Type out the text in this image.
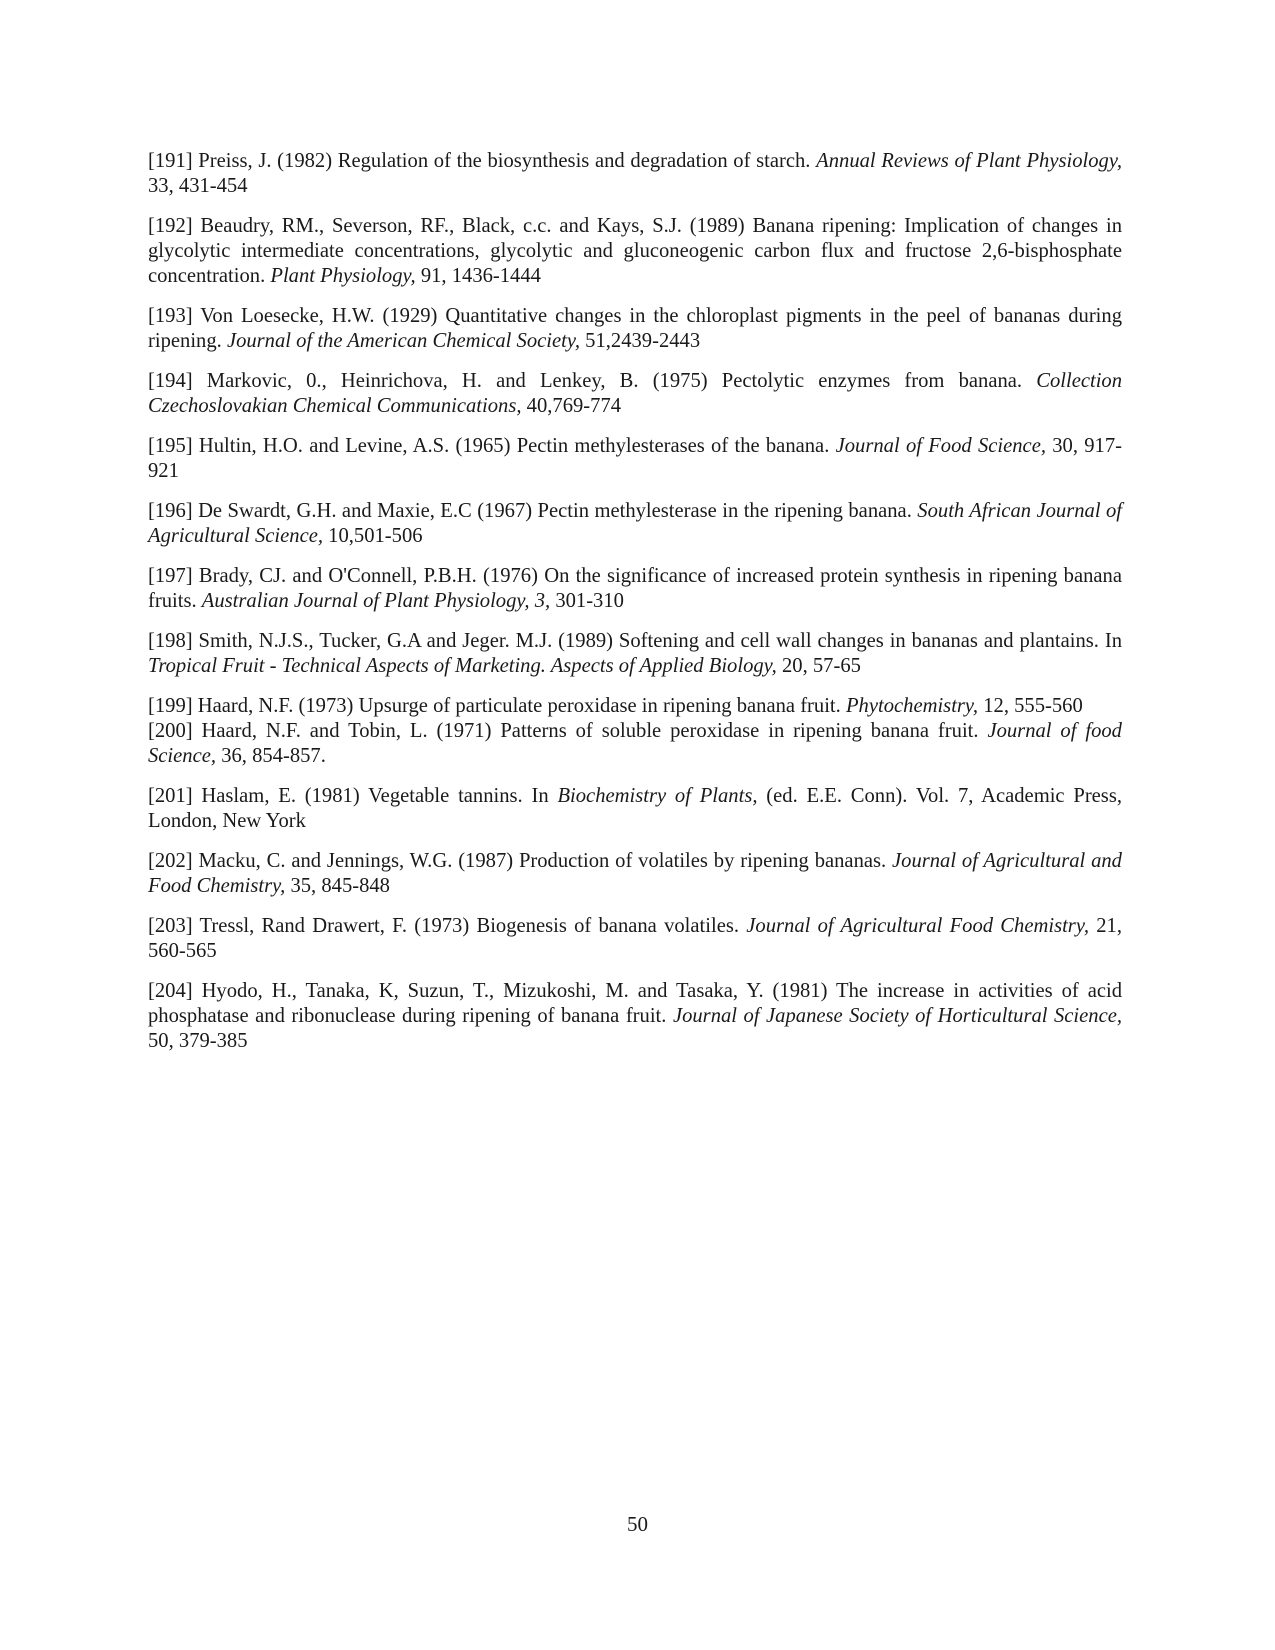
[191] Preiss, J. (1982) Regulation of the biosynthesis and degradation of starch. Annual Reviews of Plant Physiology, 33, 431-454

[192] Beaudry, RM., Severson, RF., Black, c.c. and Kays, S.J. (1989) Banana ripening: Implication of changes in glycolytic intermediate concentrations, glycolytic and gluconeogenic carbon flux and fructose 2,6-bisphosphate concentration. Plant Physiology, 91, 1436-1444

[193] Von Loesecke, H.W. (1929) Quantitative changes in the chloroplast pigments in the peel of bananas during ripening. Journal of the American Chemical Society, 51,2439-2443

[194] Markovic, 0., Heinrichova, H. and Lenkey, B. (1975) Pectolytic enzymes from banana. Collection Czechoslovakian Chemical Communications, 40,769-774

[195] Hultin, H.O. and Levine, A.S. (1965) Pectin methylesterases of the banana. Journal of Food Science, 30, 917-921

[196] De Swardt, G.H. and Maxie, E.C (1967) Pectin methylesterase in the ripening banana. South African Journal of Agricultural Science, 10,501-506

[197] Brady, CJ. and O'Connell, P.B.H. (1976) On the significance of increased protein synthesis in ripening banana fruits. Australian Journal of Plant Physiology, 3, 301-310

[198] Smith, N.J.S., Tucker, G.A and Jeger. M.J. (1989) Softening and cell wall changes in bananas and plantains. In Tropical Fruit - Technical Aspects of Marketing. Aspects of Applied Biology, 20, 57-65

[199] Haard, N.F. (1973) Upsurge of particulate peroxidase in ripening banana fruit. Phytochemistry, 12, 555-560

[200] Haard, N.F. and Tobin, L. (1971) Patterns of soluble peroxidase in ripening banana fruit. Journal of food Science, 36, 854-857.

[201] Haslam, E. (1981) Vegetable tannins. In Biochemistry of Plants, (ed. E.E. Conn). Vol. 7, Academic Press, London, New York

[202] Macku, C. and Jennings, W.G. (1987) Production of volatiles by ripening bananas. Journal of Agricultural and Food Chemistry, 35, 845-848

[203] Tressl, Rand Drawert, F. (1973) Biogenesis of banana volatiles. Journal of Agricultural Food Chemistry, 21, 560-565

[204] Hyodo, H., Tanaka, K, Suzun, T., Mizukoshi, M. and Tasaka, Y. (1981) The increase in activities of acid phosphatase and ribonuclease during ripening of banana fruit. Journal of Japanese Society of Horticultural Science, 50, 379-385

50
